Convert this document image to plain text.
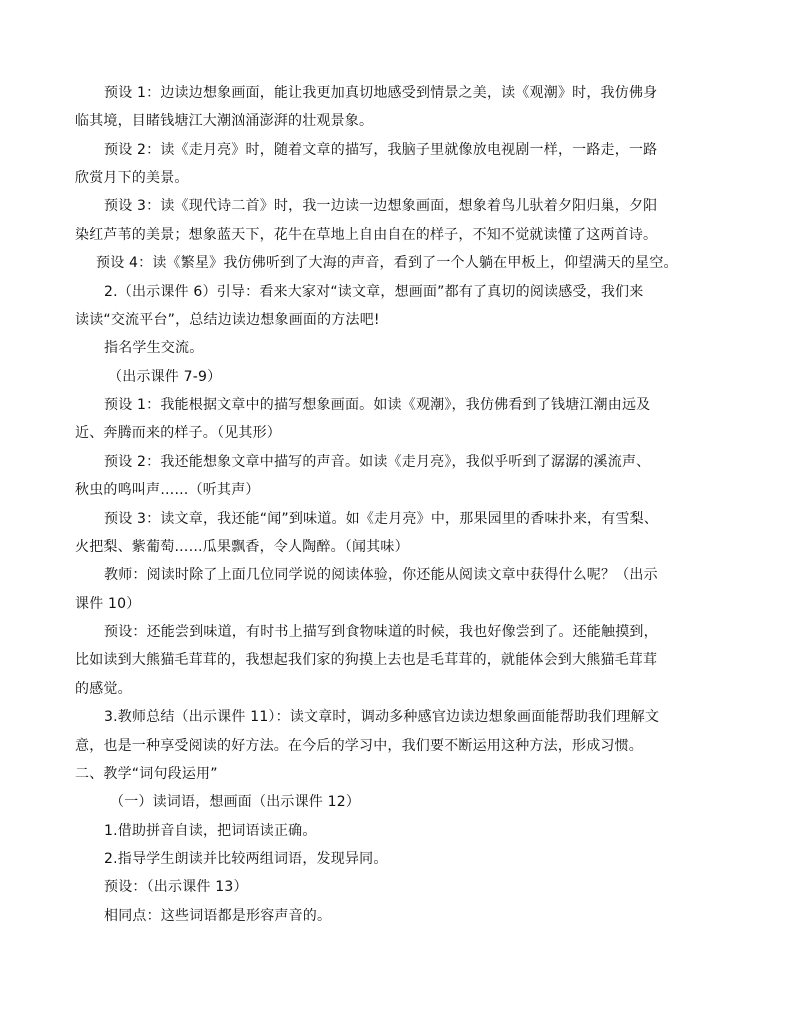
预设 1：边读边想象画面，能让我更加真切地感受到情景之美，读《观潮》时，我仿佛身
临其境，目睹钱塘江大潮汹涌澎湃的壮观景象。
预设 2：读《走月亮》时，随着文章的描写，我脑子里就像放电视剧一样，一路走，一路
欣赏月下的美景。
预设 3：读《现代诗二首》时，我一边读一边想象画面，想象着鸟儿驮着夕阳归巢，夕阳
染红芦苇的美景；想象蓝天下，花牛在草地上自由自在的样子，不知不觉就读懂了这两首诗。
预设 4：读《繁星》我仿佛听到了大海的声音，看到了一个人躺在甲板上，仰望满天的星空。
2.（出示课件 6）引导：看来大家对“读文章，想画面”都有了真切的阅读感受，我们来
读读“交流平台”，总结边读边想象画面的方法吧!
指名学生交流。
（出示课件 7-9）
预设 1：我能根据文章中的描写想象画面。如读《观潮》，我仿佛看到了钱塘江潮由远及
近、奔腾而来的样子。（见其形）
预设 2：我还能想象文章中描写的声音。如读《走月亮》，我似乎听到了潺潺的溪流声、
秋虫的鸣叫声……（听其声）
预设 3：读文章，我还能“闻”到味道。如《走月亮》中，那果园里的香味扑来，有雪梨、
火把梨、紫葡萄……瓜果飘香，令人陶醉。（闻其味）
教师：阅读时除了上面几位同学说的阅读体验，你还能从阅读文章中获得什么呢？（出示
课件 10）
预设：还能尝到味道，有时书上描写到食物味道的时候，我也好像尝到了。还能触摸到，
比如读到大熊猫毛茸茸的，我想起我们家的狗摸上去也是毛茸茸的，就能体会到大熊猫毛茸茸
的感觉。
3.教师总结（出示课件 11）：读文章时，调动多种感官边读边想象画面能帮助我们理解文
意，也是一种享受阅读的好方法。在今后的学习中，我们要不断运用这种方法，形成习惯。
二、教学“词句段运用”
（一）读词语，想画面（出示课件 12）
1.借助拼音自读，把词语读正确。
2.指导学生朗读并比较两组词语，发现异同。
预设：（出示课件 13）
相同点：这些词语都是形容声音的。
